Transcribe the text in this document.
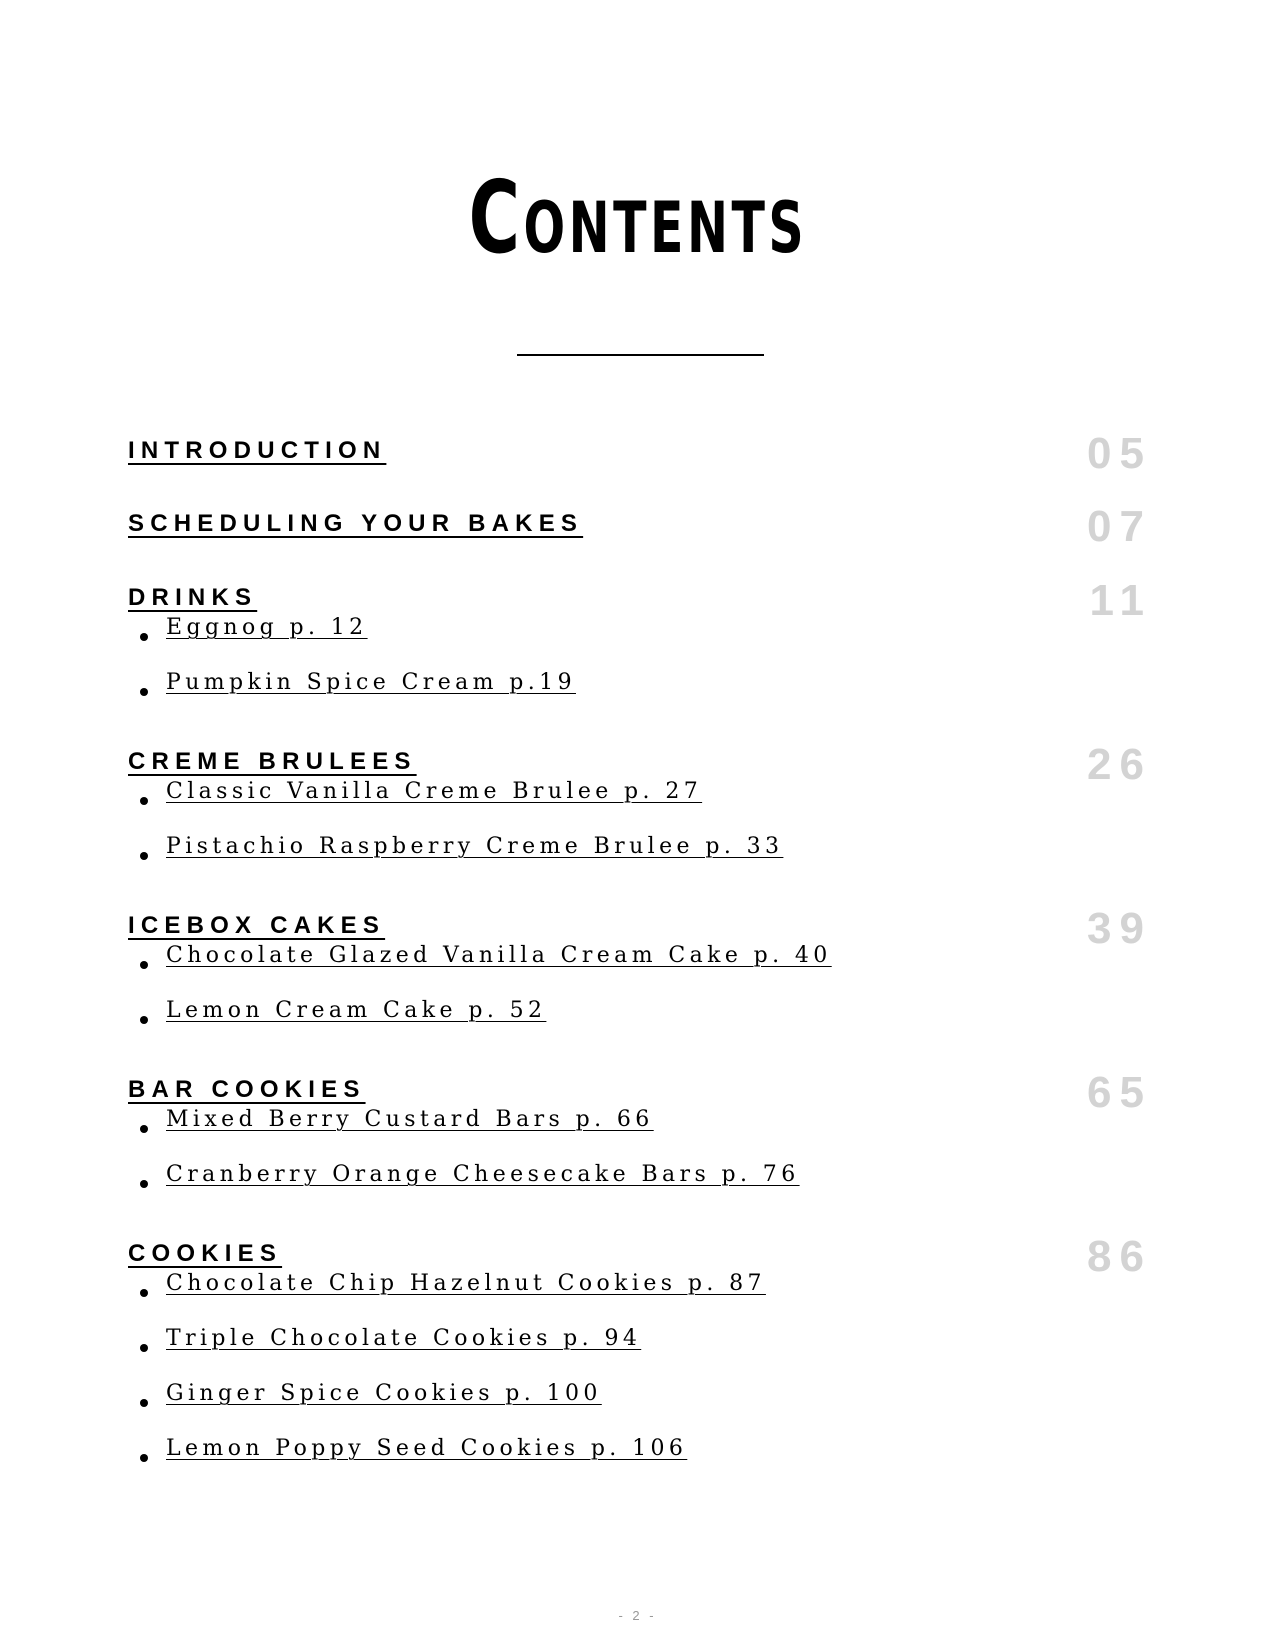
Contents
INTRODUCTION	05
SCHEDULING YOUR BAKES	07
DRINKS	11
Eggnog p. 12
Pumpkin Spice Cream p.19
CREME BRULEES	26
Classic Vanilla Creme Brulee p. 27
Pistachio Raspberry Creme Brulee p. 33
ICEBOX CAKES	39
Chocolate Glazed Vanilla Cream Cake p. 40
Lemon Cream Cake p. 52
BAR COOKIES	65
Mixed Berry Custard Bars p. 66
Cranberry Orange Cheesecake Bars p. 76
COOKIES	86
Chocolate Chip Hazelnut Cookies p. 87
Triple Chocolate Cookies p. 94
Ginger Spice Cookies p. 100
Lemon Poppy Seed Cookies p. 106
- 2 -
